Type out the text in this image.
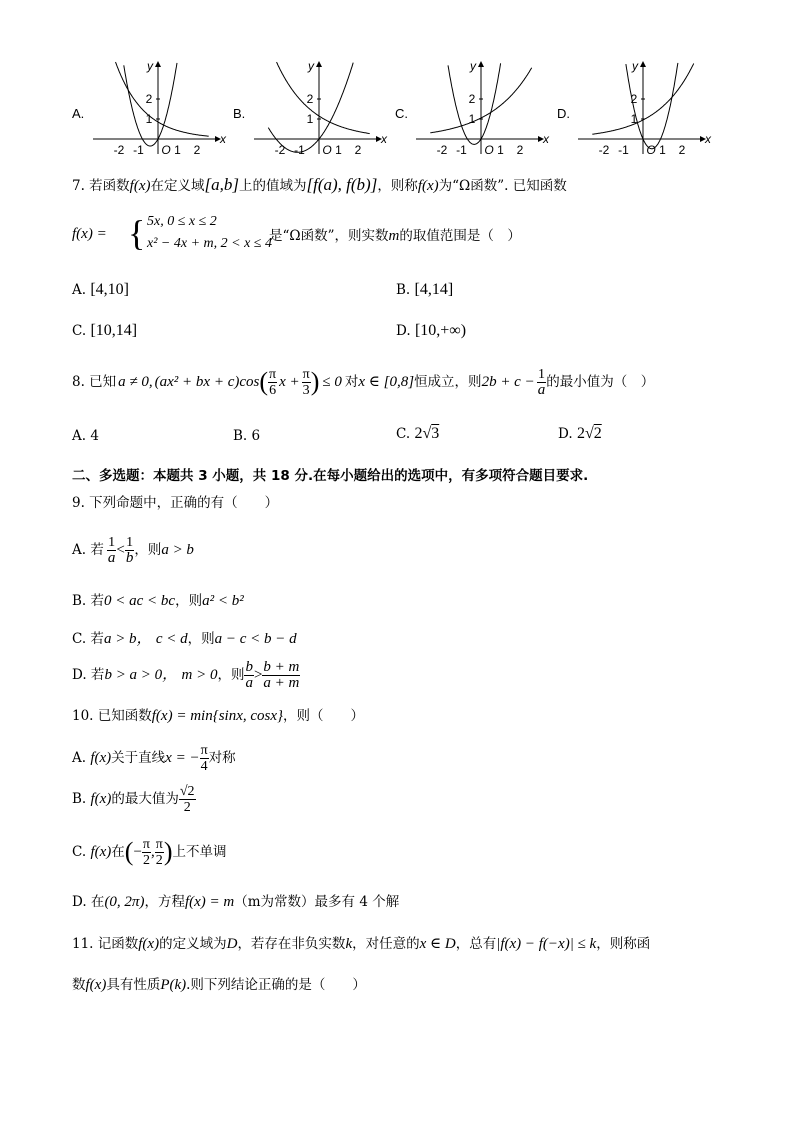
A.	B.	C.	D.
x
y
-2 -1 O 1 2
2
1
x
y
-2 -1 O 1 2
2
1
x
y
-2 -1 O 1 2
2
1
x
y
-2 -1 O 1 2
2
1
7. 若函数f(x)在定义域[a,b]上的值域为[f(a), f(b)]，则称f(x)为“Ω函数”. 已知函数
f(x) = { 5x, 0 ≤ x ≤ 2
x² − 4x + m, 2 < x ≤ 4
是“Ω函数”，则实数m的取值范围是（　）
A. [4,10]	B. [4,14]
C. [10,14]	D. [10,+∞)
8. 已知 a ≠ 0, (ax² + bx + c)cos ( $\frac{\pi}{6}$ $x + \frac{\pi}{3}$ ) ≤ 0 对 x ∈ [0,8] 恒成立，则 $2b + c - \frac{1}{a}$ 的最小值为（　）
A. 4	B. 6	C. 2√3	D. 2√2
二、多选题：本题共 3 小题，共 18 分.在每小题给出的选项中，有多项符合题目要求.
9. 下列命题中，正确的有（　　）
A. 若 $\frac{1}{a} < \frac{1}{b}$ ，则 a > b
B. 若0 < ac < bc，则a² < b²
C. 若a > b， c < d，则a − c < b − d
D. 若 b > a > 0，
m > 0 ，则 $\frac{b}{a} > \frac{b + m}{a + m}$
10. 已知函数f(x) = min{sinx, cosx}，则（　　）
A.
f(x) 关于直线 x = − $\frac{\pi}{4}$ 对称
B.
f(x) 的最大值为 $\frac{√2}{2}$
C.
f(x) 在 ( − $\frac{\pi}{2}$ , $\frac{\pi}{2}$ ) 上不单调
D. 在(0, 2π)，方程f(x) = m（m为常数）最多有 4 个解
11. 记函数f(x)的定义域为D，若存在非负实数k，对任意的x ∈ D，总有|f(x) − f(−x)| ≤ k，则称函
数f(x)具有性质P(k).则下列结论正确的是（　　）
